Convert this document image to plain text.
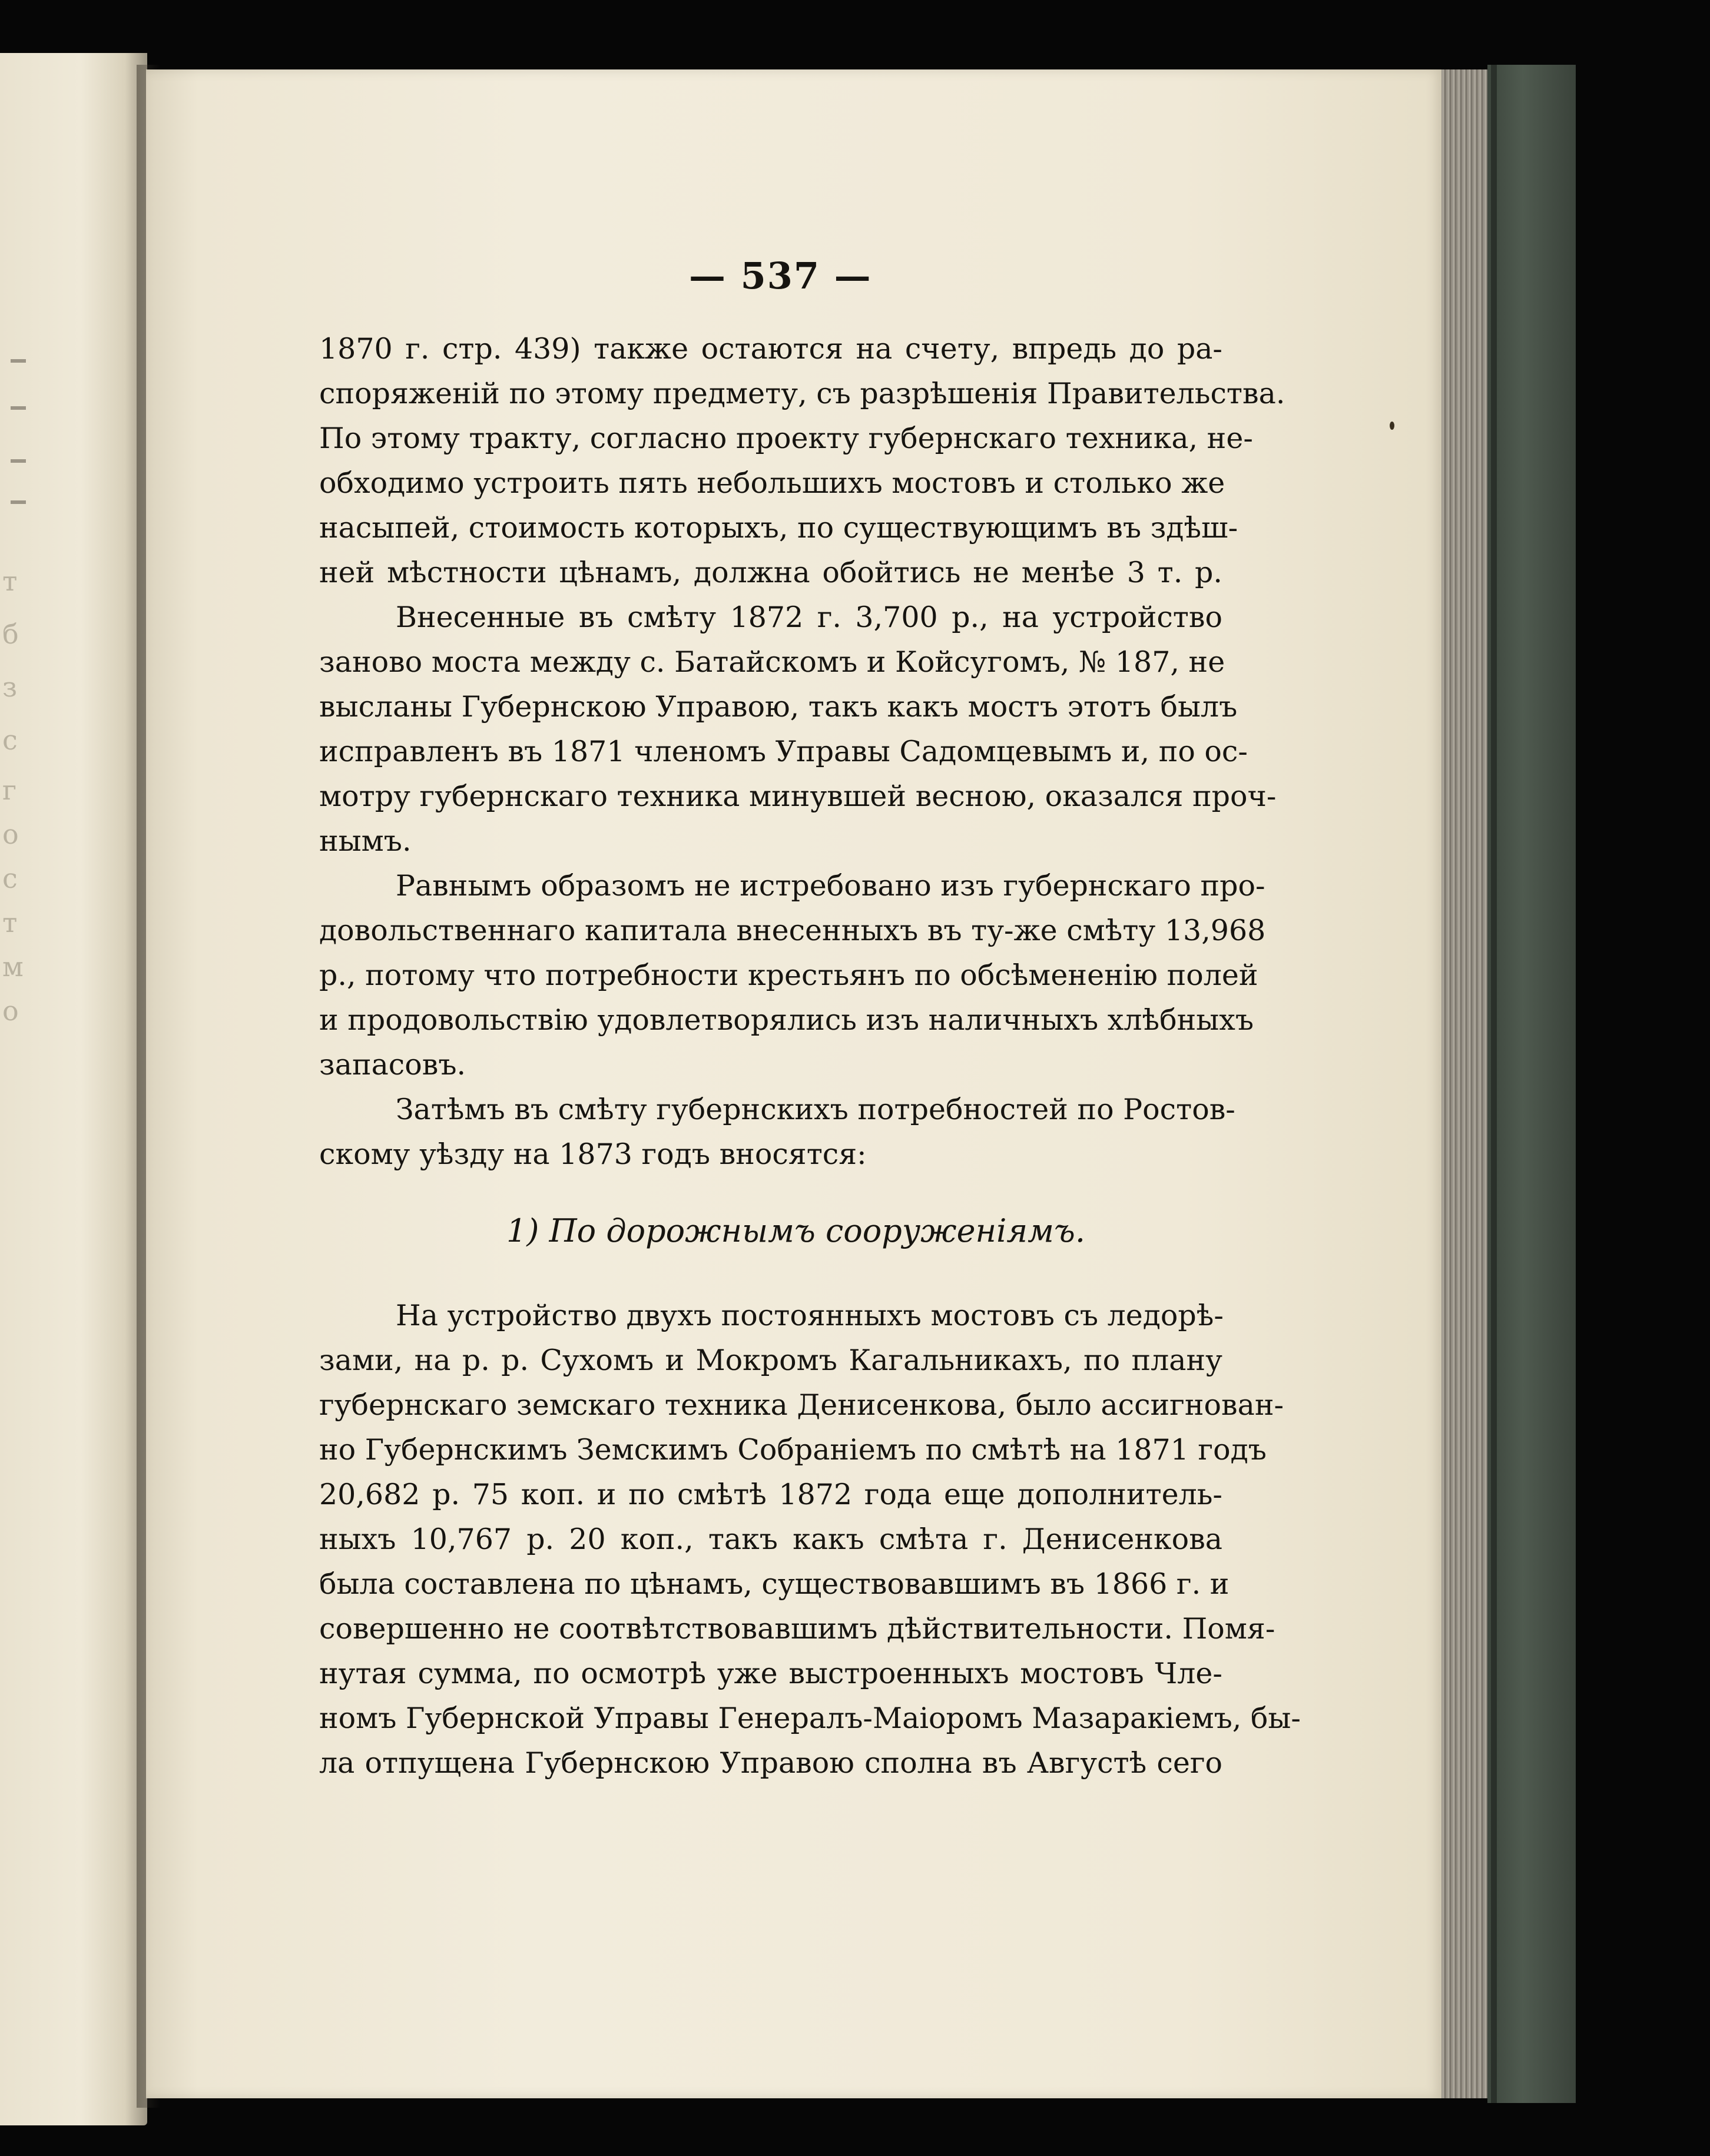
т
б
з
с
г
о
с
т
м
о
— 537 —
1870 г. стр. 439) также остаются на счету, впредь до ра-
споряженій по этому предмету, съ разрѣшенія Правительства.
По этому тракту, согласно проекту губернскаго техника, не-
обходимо устроить пять небольшихъ мостовъ и столько же
насыпей, стоимость которыхъ, по существующимъ въ здѣш-
ней мѣстности цѣнамъ, должна обойтись не менѣе 3 т. р.
Внесенные въ смѣту 1872 г. 3,700 р., на устройство
заново моста между с. Батайскомъ и Койсугомъ, № 187, не
высланы Губернскою Управою, такъ какъ мостъ этотъ былъ
исправленъ въ 1871 членомъ Управы Садомцевымъ и, по ос-
мотру губернскаго техника минувшей весною, оказался проч-
нымъ.
Равнымъ образомъ не истребовано изъ губернскаго про-
довольственнаго капитала внесенныхъ въ ту-же смѣту 13,968
р., потому что потребности крестьянъ по обсѣмененію полей
и продовольствію удовлетворялись изъ наличныхъ хлѣбныхъ
запасовъ.
Затѣмъ въ смѣту губернскихъ потребностей по Ростов-
скому уѣзду на 1873 годъ вносятся:
1) По дорожнымъ сооруженіямъ.
На устройство двухъ постоянныхъ мостовъ съ ледорѣ-
зами, на р. р. Сухомъ и Мокромъ Кагальникахъ, по плану
губернскаго земскаго техника Денисенкова, было ассигнован-
но Губернскимъ Земскимъ Собраніемъ по смѣтѣ на 1871 годъ
20,682 р. 75 коп. и по смѣтѣ 1872 года еще дополнитель-
ныхъ 10,767 р. 20 коп., такъ какъ смѣта г. Денисенкова
была составлена по цѣнамъ, существовавшимъ въ 1866 г. и
совершенно не соотвѣтствовавшимъ дѣйствительности. Помя-
нутая сумма, по осмотрѣ уже выстроенныхъ мостовъ Чле-
номъ Губернской Управы Генералъ-Маіоромъ Мазаракіемъ, бы-
ла отпущена Губернскою Управою сполна въ Августѣ сего
